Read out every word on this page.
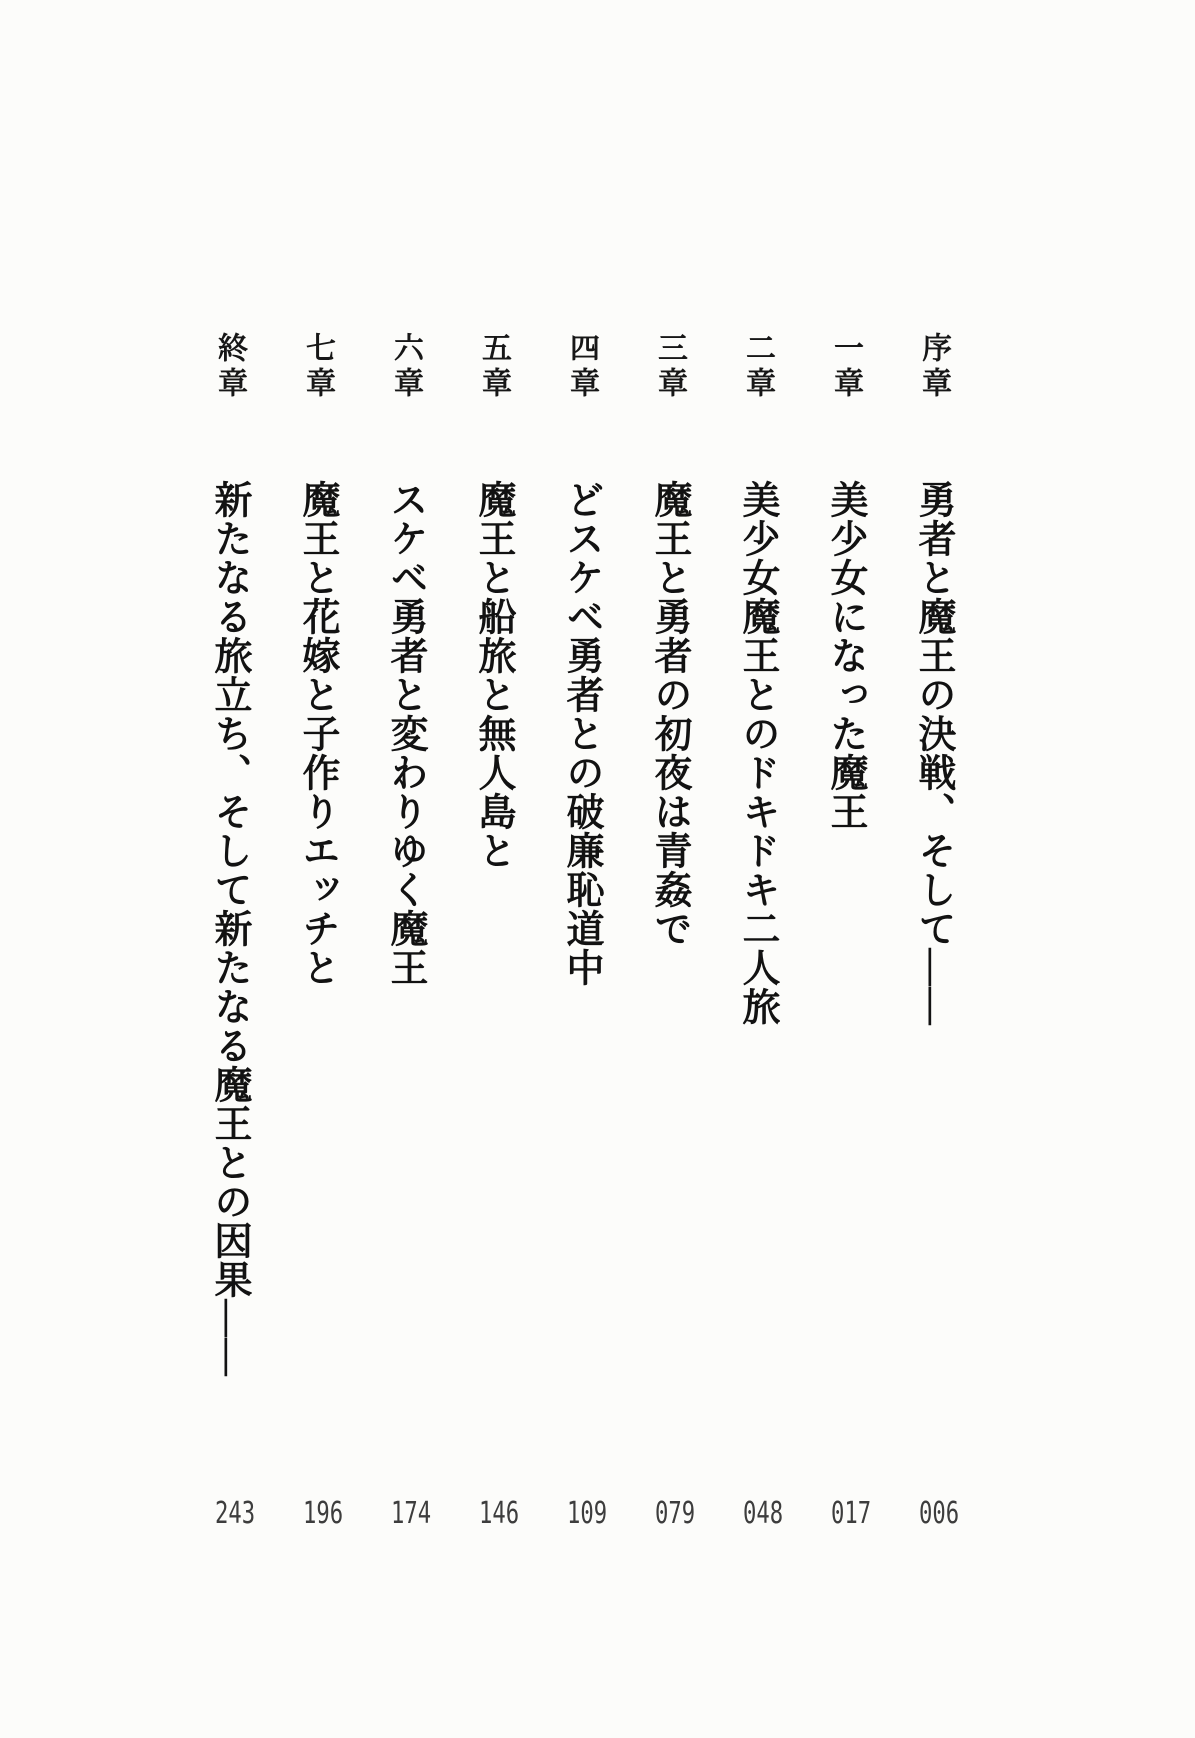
序章勇者と魔王の決戦、そして——
一章美少女になった魔王
二章美少女魔王とのドキドキ二人旅
三章魔王と勇者の初夜は青姦で
四章どスケベ勇者との破廉恥道中
五章魔王と船旅と無人島と
六章スケベ勇者と変わりゆく魔王
七章魔王と花嫁と子作りエッチと
終章新たなる旅立ち、そして新たなる魔王との因果——
006
017
048
079
109
146
174
196
243
